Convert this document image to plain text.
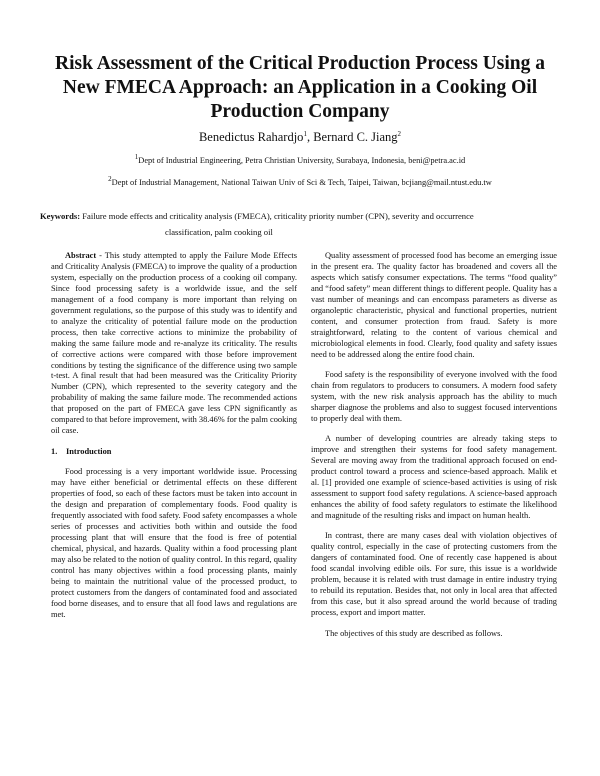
Risk Assessment of the Critical Production Process Using a New FMECA Approach: an Application in a Cooking Oil Production Company
Benedictus Rahardjo$^1$, Bernard C. Jiang$^2$
$^1$Dept of Industrial Engineering, Petra Christian University, Surabaya, Indonesia, beni@petra.ac.id
$^2$Dept of Industrial Management, National Taiwan Univ of Sci & Tech, Taipei, Taiwan, bcjiang@mail.ntust.edu.tw
Keywords: Failure mode effects and criticality analysis (FMECA), criticality priority number (CPN), severity and occurrence
classification, palm cooking oil

Abstract - This study attempted to apply the Failure Mode Effects and Criticality Analysis (FMECA) to improve the quality of a production system, especially on the production process of a cooking oil company. Since food processing safety is a worldwide issue, and the self management of a food company is more important than relying on government regulations, so the purpose of this study was to identify and to analyze the criticality of potential failure mode on the production process, then take corrective actions to minimize the probability of making the same failure mode and re-analyze its criticality. The results of corrective actions were compared with those before improvement conditions by testing the significance of the difference using two sample t-test. A final result that had been measured was the Criticality Priority Number (CPN), which represented to the severity category and the probability of making the same failure mode. The recommended actions that proposed on the part of FMECA gave less CPN significantly as compared to that before improvement, with 38.46% for the palm cooking oil case.

1. Introduction

Food processing is a very important worldwide issue. Processing may have either beneficial or detrimental effects on these different properties of food, so each of these factors must be taken into account in the design and preparation of complementary foods. Food quality is frequently associated with food safety. Food safety encompasses a whole series of processes and activities both within and outside the food processing plant that will ensure that the food is free of potential chemical, physical, and hazards. Quality within a food processing plant may also be related to the notion of quality control. In this regard, quality control has many objectives within a food processing plants, mainly being to maintain the nutritional value of the processed product, to protect customers from the dangers of contaminated food and associated food borne diseases, and to ensure that all food laws and regulations are met.

Quality assessment of processed food has become an emerging issue in the present era. The quality factor has broadened and covers all the aspects which satisfy consumer expectations. The terms “food quality” and “food safety” mean different things to different people. Quality has a vast number of meanings and can encompass parameters as diverse as organoleptic characteristic, physical and functional properties, nutrient content, and consumer protection from fraud. Safety is more straightforward, relating to the content of various chemical and microbiological elements in food. Clearly, food quality and safety issues need to be addressed along the entire food chain.

Food safety is the responsibility of everyone involved with the food chain from regulators to producers to consumers. A modern food safety system, with the new risk analysis approach has the ability to much sharper diagnose the problems and also to suggest focused interventions to properly deal with them.

A number of developing countries are already taking steps to improve and strengthen their systems for food safety management. Several are moving away from the traditional approach focused on end-product control toward a process and science-based approach. Malik et al. [1] provided one example of science-based activities is using of risk assessment to support food safety regulations. A science-based approach enhances the ability of food safety regulators to estimate the likelihood and magnitude of the resulting risks and impact on human health.

In contrast, there are many cases deal with violation objectives of quality control, especially in the case of protecting customers from the dangers of contaminated food. One of recently case happened is about food scandal involving edible oils. For sure, this issue is a worldwide problem, because it is related with trust damage in entire industry trying to rebuild its reputation. Besides that, not only in local area that affected from this case, but it also spread around the world because of trading process, export and import matter.

The objectives of this study are described as follows.
